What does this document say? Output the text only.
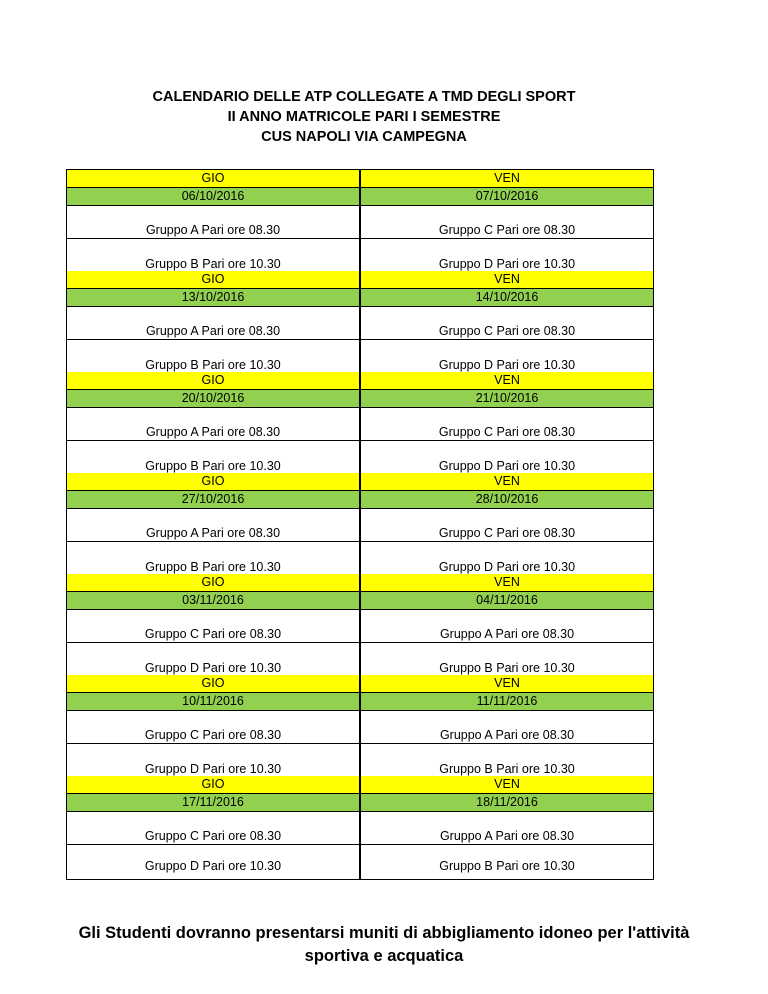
CALENDARIO DELLE ATP COLLEGATE A TMD DEGLI SPORT
II ANNO MATRICOLE PARI I SEMESTRE
CUS NAPOLI VIA CAMPEGNA
GIO
06/10/2016
Gruppo A Pari ore 08.30
Gruppo B Pari ore 10.30
GIO
13/10/2016
Gruppo A Pari ore 08.30
Gruppo B Pari ore 10.30
GIO
20/10/2016
Gruppo A Pari ore 08.30
Gruppo B Pari ore 10.30
GIO
27/10/2016
Gruppo A Pari ore 08.30
Gruppo B Pari ore 10.30
GIO
03/11/2016
Gruppo C Pari ore 08.30
Gruppo D Pari ore 10.30
GIO
10/11/2016
Gruppo C Pari ore 08.30
Gruppo D Pari ore 10.30
GIO
17/11/2016
Gruppo C Pari ore 08.30
Gruppo D Pari ore 10.30
VEN
07/10/2016
Gruppo C Pari ore 08.30
Gruppo D Pari ore 10.30
VEN
14/10/2016
Gruppo C Pari ore 08.30
Gruppo D Pari ore 10.30
VEN
21/10/2016
Gruppo C Pari ore 08.30
Gruppo D Pari ore 10.30
VEN
28/10/2016
Gruppo C Pari ore 08.30
Gruppo D Pari ore 10.30
VEN
04/11/2016
Gruppo A Pari ore 08.30
Gruppo B Pari ore 10.30
VEN
11/11/2016
Gruppo A Pari ore 08.30
Gruppo B Pari ore 10.30
VEN
18/11/2016
Gruppo A Pari ore 08.30
Gruppo B Pari ore 10.30
Gli Studenti dovranno presentarsi muniti di abbigliamento idoneo per l'attività
sportiva e acquatica
